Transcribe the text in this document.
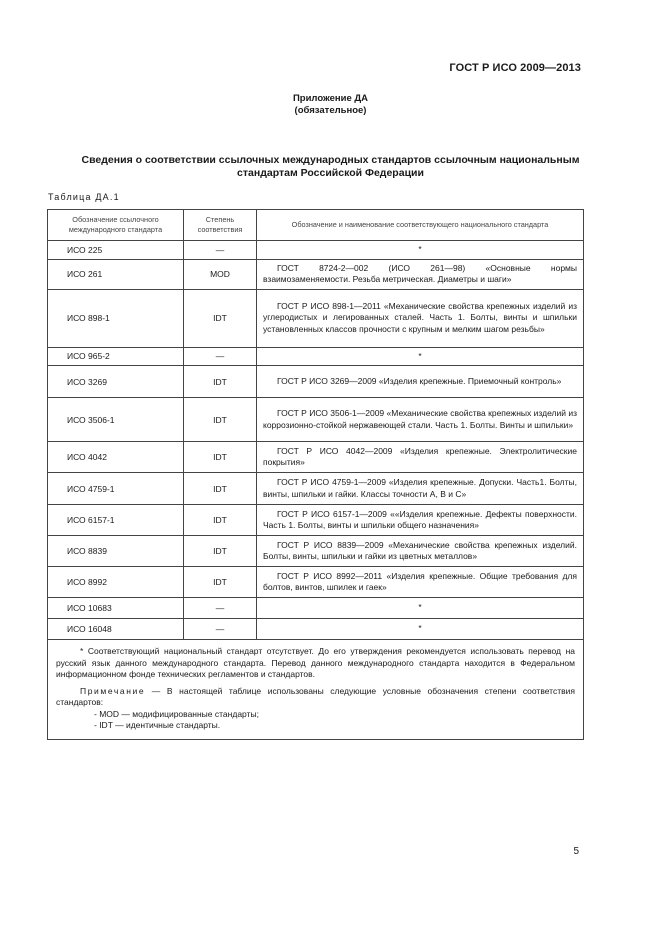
ГОСТ Р ИСО 2009—2013
Приложение ДА
(обязательное)
Сведения о соответствии ссылочных международных стандартов ссылочным национальным
стандартам Российской Федерации
Таблица ДА.1
Обозначение ссылочного международного стандарта	Степень соответствия	Обозначение и наименование соответствующего национального стандарта
ИСО 225	—	*
ИСО 261	MOD	ГОСТ 8724-2—002 (ИСО 261—98) «Основные нормы взаимозаменяемости. Резьба метрическая. Диаметры и шаги»
ИСО 898-1	IDT	ГОСТ Р ИСО 898-1—2011 «Механические свойства крепежных изделий из углеродистых и легированных сталей. Часть 1. Болты, винты и шпильки установленных классов прочности с крупным и мелким шагом резьбы»
ИСО 965-2	—	*
ИСО 3269	IDT	ГОСТ Р ИСО 3269—2009 «Изделия крепежные. Приемочный контроль»
ИСО 3506-1	IDT	ГОСТ Р ИСО 3506-1—2009 «Механические свойства крепежных изделий из коррозионно-стойкой нержавеющей стали. Часть 1. Болты. Винты и шпильки»
ИСО 4042	IDT	ГОСТ Р ИСО 4042—2009 «Изделия крепежные. Электролитические покрытия»
ИСО 4759-1	IDT	ГОСТ Р ИСО 4759-1—2009 «Изделия крепежные. Допуски. Часть1. Болты, винты, шпильки и гайки. Классы точности А, В и С»
ИСО 6157-1	IDT	ГОСТ Р ИСО 6157-1—2009 ««Изделия крепежные. Дефекты поверхности. Часть 1. Болты, винты и шпильки общего назначения»
ИСО 8839	IDT	ГОСТ Р ИСО 8839—2009 «Механические свойства крепежных изделий. Болты, винты, шпильки и гайки из цветных металлов»
ИСО 8992	IDT	ГОСТ Р ИСО 8992—2011 «Изделия крепежные. Общие требования для болтов, винтов, шпилек и гаек»
ИСО 10683	—	*
ИСО 16048	—	*

* Соответствующий национальный стандарт отсутствует. До его утверждения рекомендуется использовать перевод на русский язык данного международного стандарта. Перевод данного международного стандарта находится в Федеральном информационном фонде технических регламентов и стандартов.

Примечание — В настоящей таблице использованы следующие условные обозначения степени соответствия стандартов:

- MOD — модифицированные стандарты;

- IDT — идентичные стандарты.		

5
